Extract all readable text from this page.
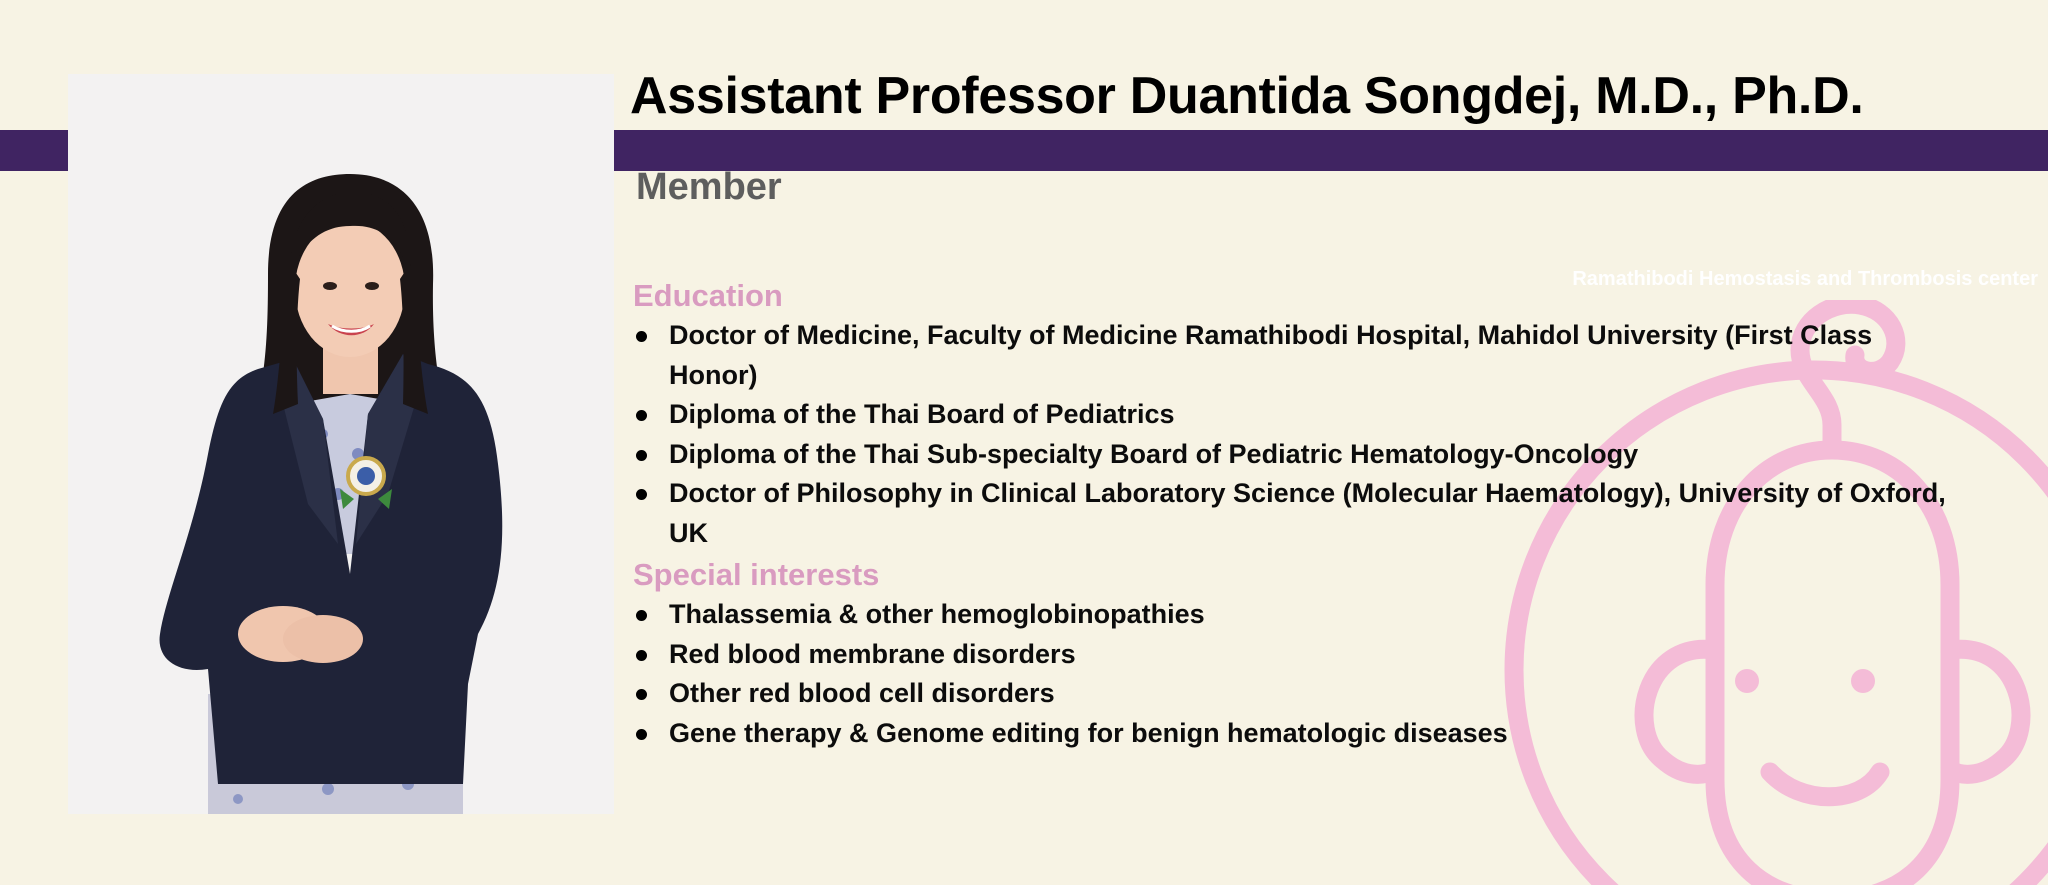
Ramathibodi Hemostasis and Thrombosis center
Assistant Professor Duantida Songdej, M.D., Ph.D.
Member
Education
Doctor of Medicine, Faculty of Medicine Ramathibodi Hospital, Mahidol University (First Class Honor)
Diploma of the Thai Board of Pediatrics
Diploma of the Thai Sub-specialty Board of Pediatric Hematology-Oncology
Doctor of Philosophy in Clinical Laboratory Science (Molecular Haematology), University of Oxford, UK
Special interests
Thalassemia & other hemoglobinopathies
Red blood membrane disorders
Other red blood cell disorders
Gene therapy & Genome editing for benign hematologic diseases
